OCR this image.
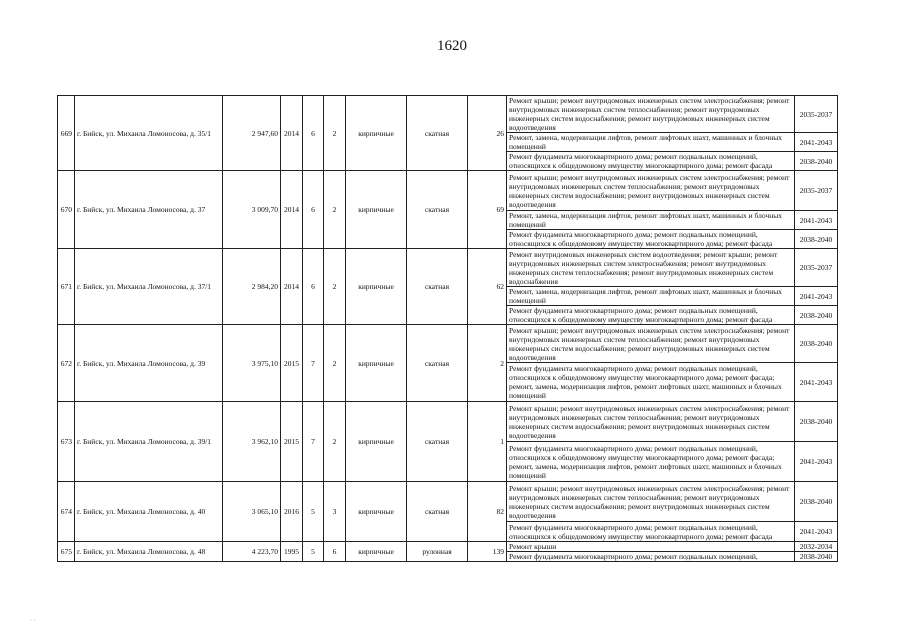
1620
669	г. Бийск, ул. Михаила Ломоносова, д. 35/1	2 947,60	2014	6	2	кирпичные	скатная	26	Ремонт крыши; ремонт внутридомовых инженерных систем электроснабжения; ремонт внутридомовых инженерных систем теплоснабжения; ремонт внутридомовых инженерных систем водоснабжения; ремонт внутридомовых инженерных систем водоотведения	2035-2037
									Ремонт, замена, модернизация лифтов, ремонт лифтовых шахт, машинных и блочных помещений	2041-2043
									Ремонт фундамента многоквартирного дома; ремонт подвальных помещений, относящихся к общедомовому имуществу многоквартирного дома; ремонт фасада	2038-2040
670	г. Бийск, ул. Михаила Ломоносова, д. 37	3 009,70	2014	6	2	кирпичные	скатная	69	Ремонт крыши; ремонт внутридомовых инженерных систем электроснабжения; ремонт внутридомовых инженерных систем теплоснабжения; ремонт внутридомовых инженерных систем водоснабжения; ремонт внутридомовых инженерных систем водоотведения	2035-2037
									Ремонт, замена, модернизация лифтов, ремонт лифтовых шахт, машинных и блочных помещений	2041-2043
									Ремонт фундамента многоквартирного дома; ремонт подвальных помещений, относящихся к общедомовому имуществу многоквартирного дома; ремонт фасада	2038-2040
671	г. Бийск, ул. Михаила Ломоносова, д. 37/1	2 984,20	2014	6	2	кирпичные	скатная	62	Ремонт внутридомовых инженерных систем водоотведения; ремонт крыши; ремонт внутридомовых инженерных систем электроснабжения; ремонт внутридомовых инженерных систем теплоснабжения; ремонт внутридомовых инженерных систем водоснабжения	2035-2037
									Ремонт, замена, модернизация лифтов, ремонт лифтовых шахт, машинных и блочных помещений	2041-2043
									Ремонт фундамента многоквартирного дома; ремонт подвальных помещений, относящихся к общедомовому имуществу многоквартирного дома; ремонт фасада	2038-2040
672	г. Бийск, ул. Михаила Ломоносова, д. 39	3 975,10	2015	7	2	кирпичные	скатная	2	Ремонт крыши; ремонт внутридомовых инженерных систем электроснабжения; ремонт внутридомовых инженерных систем теплоснабжения; ремонт внутридомовых инженерных систем водоснабжения; ремонт внутридомовых инженерных систем водоотведения	2038-2040
									Ремонт фундамента многоквартирного дома; ремонт подвальных помещений, относящихся к общедомовому имуществу многоквартирного дома; ремонт фасада; ремонт, замена, модернизация лифтов, ремонт лифтовых шахт, машинных и блочных помещений	2041-2043
673	г. Бийск, ул. Михаила Ломоносова, д. 39/1	3 962,10	2015	7	2	кирпичные	скатная	1	Ремонт крыши; ремонт внутридомовых инженерных систем электроснабжения; ремонт внутридомовых инженерных систем теплоснабжения; ремонт внутридомовых инженерных систем водоснабжения; ремонт внутридомовых инженерных систем водоотведения	2038-2040
									Ремонт фундамента многоквартирного дома; ремонт подвальных помещений, относящихся к общедомовому имуществу многоквартирного дома; ремонт фасада; ремонт, замена, модернизация лифтов, ремонт лифтовых шахт, машинных и блочных помещений	2041-2043
674	г. Бийск, ул. Михаила Ломоносова, д. 40	3 065,10	2016	5	3	кирпичные	скатная	82	Ремонт крыши; ремонт внутридомовых инженерных систем электроснабжения; ремонт внутридомовых инженерных систем теплоснабжения; ремонт внутридомовых инженерных систем водоснабжения; ремонт внутридомовых инженерных систем водоотведения	2038-2040
									Ремонт фундамента многоквартирного дома; ремонт подвальных помещений, относящихся к общедомовому имуществу многоквартирного дома; ремонт фасада	2041-2043
675	г. Бийск, ул. Михаила Ломоносова, д. 48	4 223,70	1995	5	6	кирпичные	рулонная	139	Ремонт крыши	2032-2034
									Ремонт фундамента многоквартирного дома; ремонт подвальных помещений,	2038-2040
· ·
